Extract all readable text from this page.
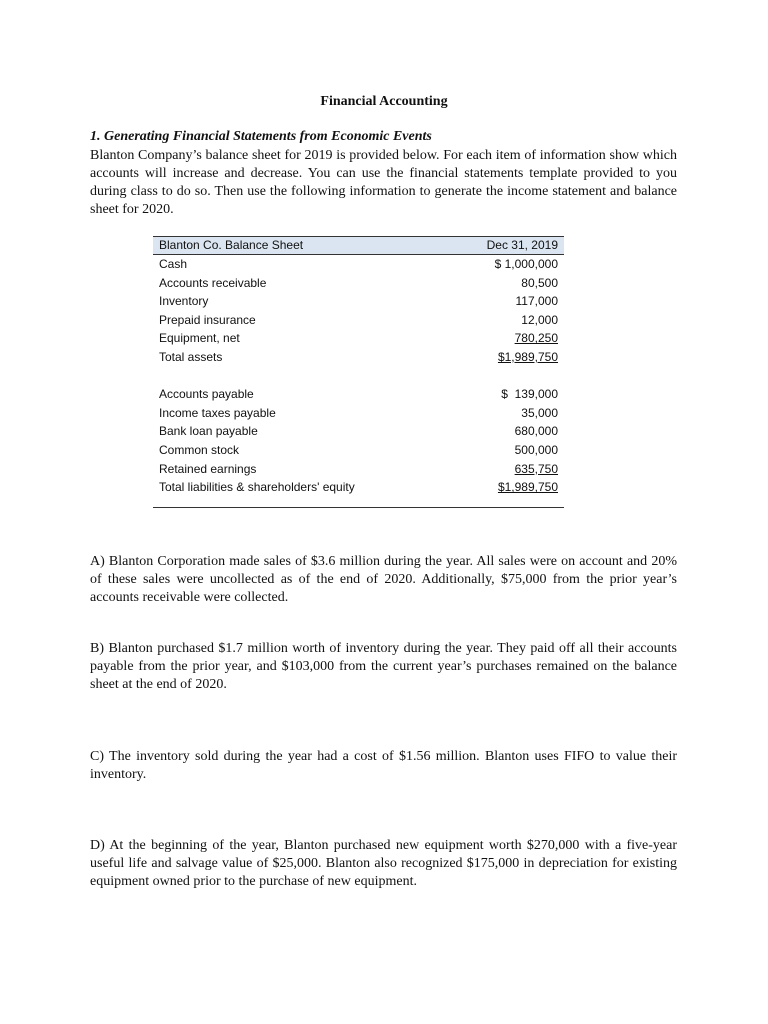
Financial Accounting
1. Generating Financial Statements from Economic Events
Blanton Company’s balance sheet for 2019 is provided below. For each item of information show which accounts will increase and decrease. You can use the financial statements template provided to you during class to do so. Then use the following information to generate the income statement and balance sheet for 2020.
Blanton Co. Balance Sheet	Dec 31, 2019
Cash	$ 1,000,000
Accounts receivable	80,500
Inventory	117,000
Prepaid insurance	12,000
Equipment, net	780,250
Total assets	$1,989,750
Accounts payable	$  139,000
Income taxes payable	35,000
Bank loan payable	680,000
Common stock	500,000
Retained earnings	635,750
Total liabilities & shareholders' equity	$1,989,750
A) Blanton Corporation made sales of $3.6 million during the year. All sales were on account and 20% of these sales were uncollected as of the end of 2020. Additionally, $75,000 from the prior year’s accounts receivable were collected.
B) Blanton purchased $1.7 million worth of inventory during the year. They paid off all their accounts payable from the prior year, and $103,000 from the current year’s purchases remained on the balance sheet at the end of 2020.
C) The inventory sold during the year had a cost of $1.56 million. Blanton uses FIFO to value their inventory.
D) At the beginning of the year, Blanton purchased new equipment worth $270,000 with a five-year useful life and salvage value of $25,000. Blanton also recognized $175,000 in depreciation for existing equipment owned prior to the purchase of new equipment.
